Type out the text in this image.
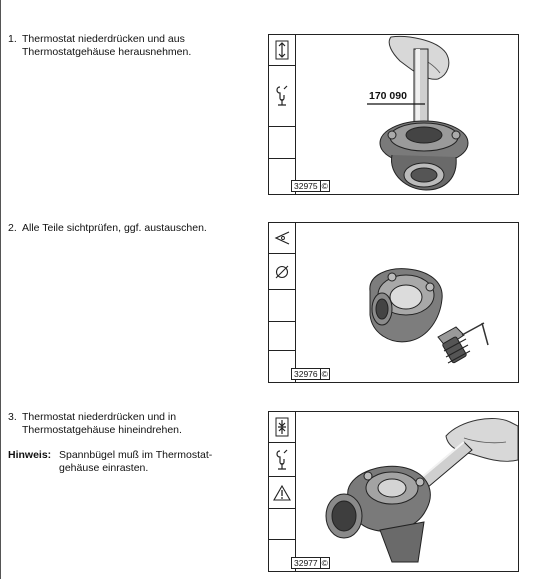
1. Thermostat niederdrücken und aus Thermostatgehäuse herausnehmen.
2. Alle Teile sichtprüfen, ggf. austauschen.
3. Thermostat niederdrücken und in Thermostatgehäuse hineindrehen.
Hinweis: Spannbügel muß im Thermostat-gehäuse einrasten.
170 090
32975 ©
32976 ©
32977 ©
